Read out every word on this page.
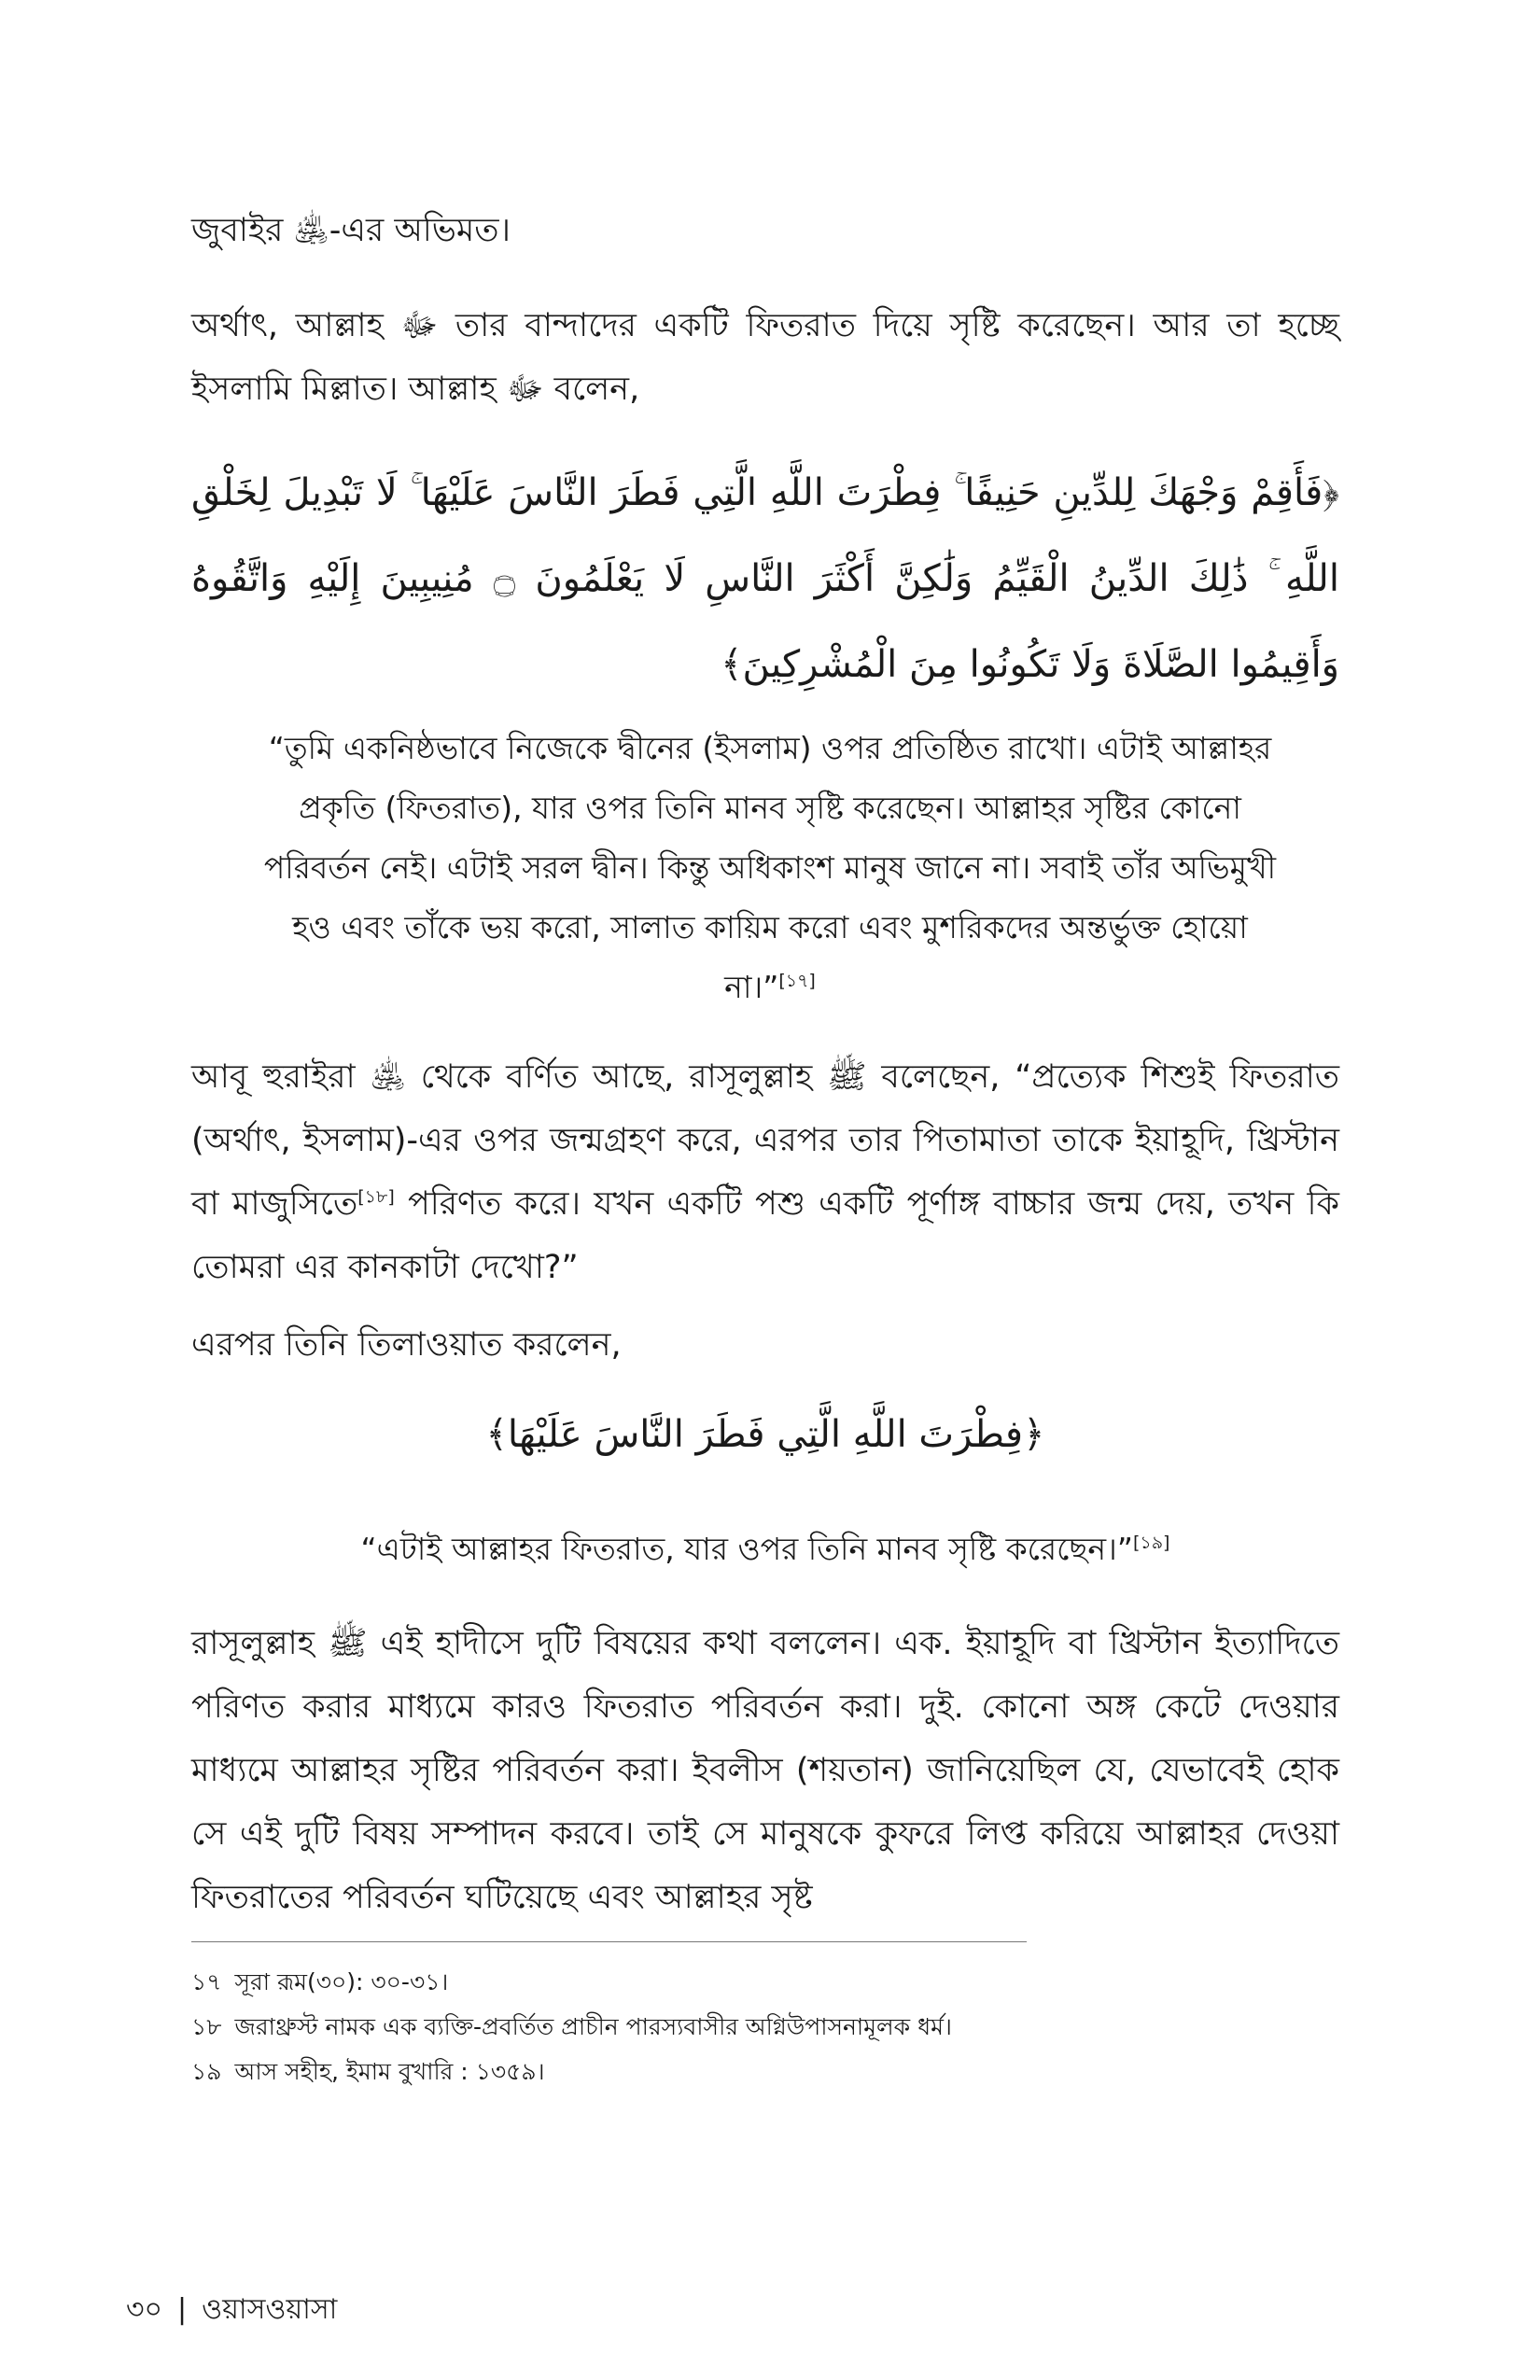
জুবাইর ﵁-এর অভিমত।

অর্থাৎ, আল্লাহ ﷻ তার বান্দাদের একটি ফিতরাত দিয়ে সৃষ্টি করেছেন। আর তা হচ্ছে ইসলামি মিল্লাত। আল্লাহ ﷻ বলেন,

﴿فَأَقِمْ وَجْهَكَ لِلدِّينِ حَنِيفًا ۚ فِطْرَتَ اللَّهِ الَّتِي فَطَرَ النَّاسَ عَلَيْهَا ۚ لَا تَبْدِيلَ لِخَلْقِ اللَّهِ ۚ ذَٰلِكَ الدِّينُ الْقَيِّمُ وَلَٰكِنَّ أَكْثَرَ النَّاسِ لَا يَعْلَمُونَ ۝ مُنِيبِينَ إِلَيْهِ وَاتَّقُوهُ وَأَقِيمُوا الصَّلَاةَ وَلَا تَكُونُوا مِنَ الْمُشْرِكِينَ﴾

“তুমি একনিষ্ঠভাবে নিজেকে দ্বীনের (ইসলাম) ওপর প্রতিষ্ঠিত রাখো। এটাই আল্লাহর প্রকৃতি (ফিতরাত), যার ওপর তিনি মানব সৃষ্টি করেছেন। আল্লাহর সৃষ্টির কোনো পরিবর্তন নেই। এটাই সরল দ্বীন। কিন্তু অধিকাংশ মানুষ জানে না। সবাই তাঁর অভিমুখী হও এবং তাঁকে ভয় করো, সালাত কায়িম করো এবং মুশরিকদের অন্তর্ভুক্ত হোয়ো না।”[১৭]

আবূ হুরাইরা ﵁ থেকে বর্ণিত আছে, রাসূলুল্লাহ ﷺ বলেছেন, “প্রত্যেক শিশুই ফিতরাত (অর্থাৎ, ইসলাম)-এর ওপর জন্মগ্রহণ করে, এরপর তার পিতামাতা তাকে ইয়াহূদি, খ্রিস্টান বা মাজুসিতে[১৮] পরিণত করে। যখন একটি পশু একটি পূর্ণাঙ্গ বাচ্চার জন্ম দেয়, তখন কি তোমরা এর কানকাটা দেখো?”

এরপর তিনি তিলাওয়াত করলেন,

﴿فِطْرَتَ اللَّهِ الَّتِي فَطَرَ النَّاسَ عَلَيْهَا﴾

“এটাই আল্লাহর ফিতরাত, যার ওপর তিনি মানব সৃষ্টি করেছেন।”[১৯]

রাসূলুল্লাহ ﷺ এই হাদীসে দুটি বিষয়ের কথা বললেন। এক. ইয়াহূদি বা খ্রিস্টান ইত্যাদিতে পরিণত করার মাধ্যমে কারও ফিতরাত পরিবর্তন করা। দুই. কোনো অঙ্গ কেটে দেওয়ার মাধ্যমে আল্লাহর সৃষ্টির পরিবর্তন করা। ইবলীস (শয়তান) জানিয়েছিল যে, যেভাবেই হোক সে এই দুটি বিষয় সম্পাদন করবে। তাই সে মানুষকে কুফরে লিপ্ত করিয়ে আল্লাহর দেওয়া ফিতরাতের পরিবর্তন ঘটিয়েছে এবং আল্লাহর সৃষ্ট

১৭ সূরা রূম(৩০): ৩০-৩১।
১৮ জরাথ্রুস্ট নামক এক ব্যক্তি-প্রবর্তিত প্রাচীন পারস্যবাসীর অগ্নিউপাসনামূলক ধর্ম।
১৯ আস সহীহ, ইমাম বুখারি : ১৩৫৯।
৩০ | ওয়াসওয়াসা
